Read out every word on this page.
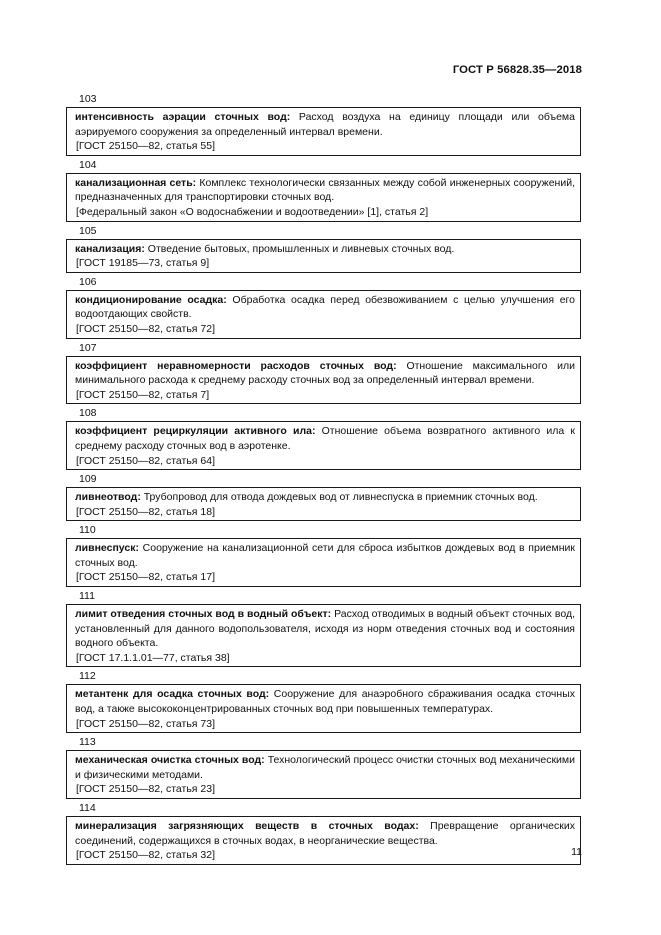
ГОСТ Р 56828.35—2018
103
интенсивность аэрации сточных вод: Расход воздуха на единицу площади или объема аэрируемого сооружения за определенный интервал времени.
[ГОСТ 25150—82, статья 55]
104
канализационная сеть: Комплекс технологически связанных между собой инженерных сооружений, предназначенных для транспортировки сточных вод.
[Федеральный закон «О водоснабжении и водоотведении» [1], статья 2]
105
канализация: Отведение бытовых, промышленных и ливневых сточных вод.
[ГОСТ 19185—73, статья 9]
106
кондиционирование осадка: Обработка осадка перед обезвоживанием с целью улучшения его водоотдающих свойств.
[ГОСТ 25150—82, статья 72]
107
коэффициент неравномерности расходов сточных вод: Отношение максимального или минимального расхода к среднему расходу сточных вод за определенный интервал времени.
[ГОСТ 25150—82, статья 7]
108
коэффициент рециркуляции активного ила: Отношение объема возвратного активного ила к среднему расходу сточных вод в аэротенке.
[ГОСТ 25150—82, статья 64]
109
ливнеотвод: Трубопровод для отвода дождевых вод от ливнеспуска в приемник сточных вод.
[ГОСТ 25150—82, статья 18]
110
ливнеспуск: Сооружение на канализационной сети для сброса избытков дождевых вод в приемник сточных вод.
[ГОСТ 25150—82, статья 17]
111
лимит отведения сточных вод в водный объект: Расход отводимых в водный объект сточных вод, установленный для данного водопользователя, исходя из норм отведения сточных вод и состояния водного объекта.
[ГОСТ 17.1.1.01—77, статья 38]
112
метантенк для осадка сточных вод: Сооружение для анаэробного сбраживания осадка сточных вод, а также высококонцентрированных сточных вод при повышенных температурах.
[ГОСТ 25150—82, статья 73]
113
механическая очистка сточных вод: Технологический процесс очистки сточных вод механическими и физическими методами.
[ГОСТ 25150—82, статья 23]
114
минерализация загрязняющих веществ в сточных водах: Превращение органических соединений, содержащихся в сточных водах, в неорганические вещества.
[ГОСТ 25150—82, статья 32]	11
